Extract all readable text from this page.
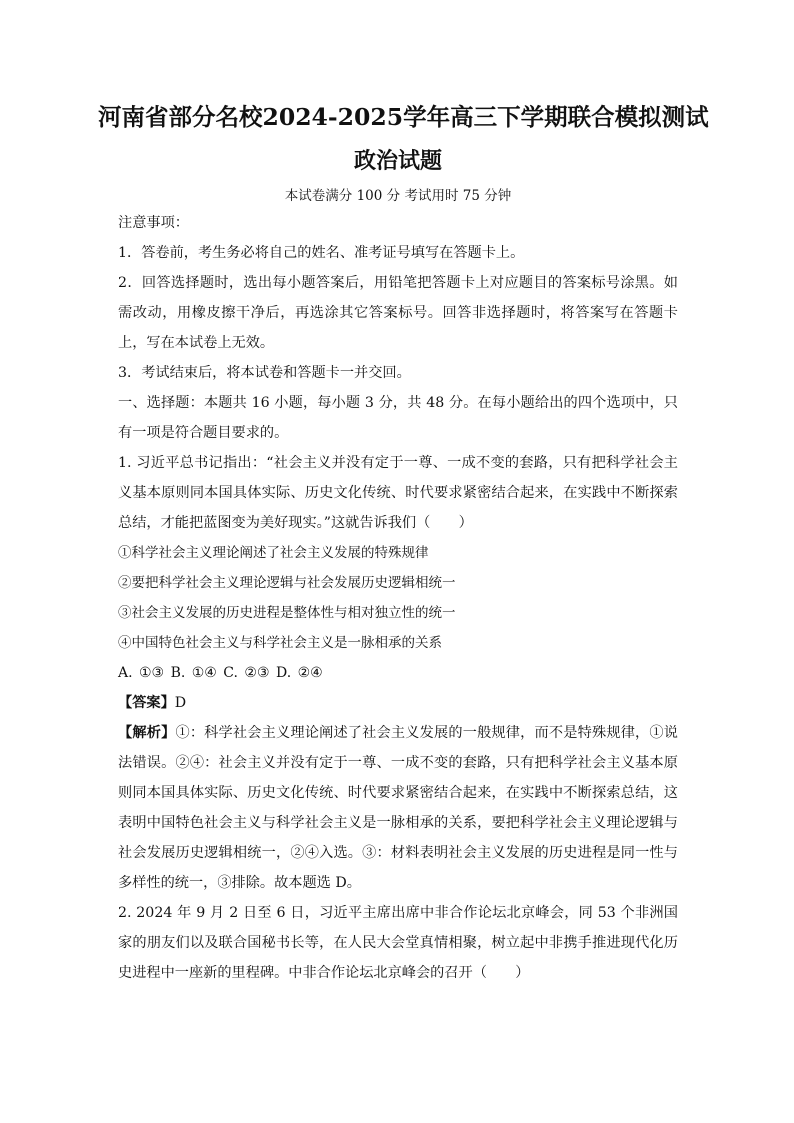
河南省部分名校2024-2025学年高三下学期联合模拟测试
政治试题
本试卷满分 100 分 考试用时 75 分钟

注意事项：

1．答卷前，考生务必将自己的姓名、准考证号填写在答题卡上。

2．回答选择题时，选出每小题答案后，用铅笔把答题卡上对应题目的答案标号涂黑。如需改动，用橡皮擦干净后，再选涂其它答案标号。回答非选择题时，将答案写在答题卡上，写在本试卷上无效。

3．考试结束后，将本试卷和答题卡一并交回。

一、选择题：本题共 16 小题，每小题 3 分，共 48 分。在每小题给出的四个选项中，只有一项是符合题目要求的。

1. 习近平总书记指出：“社会主义并没有定于一尊、一成不变的套路，只有把科学社会主义基本原则同本国具体实际、历史文化传统、时代要求紧密结合起来，在实践中不断探索总结，才能把蓝图变为美好现实。”这就告诉我们（　　）

①科学社会主义理论阐述了社会主义发展的特殊规律

②要把科学社会主义理论逻辑与社会发展历史逻辑相统一

③社会主义发展的历史进程是整体性与相对独立性的统一

④中国特色社会主义与科学社会主义是一脉相承的关系

A. ①③ B. ①④ C. ②③ D. ②④

【答案】D

【解析】①：科学社会主义理论阐述了社会主义发展的一般规律，而不是特殊规律，①说法错误。②④：社会主义并没有定于一尊、一成不变的套路，只有把科学社会主义基本原则同本国具体实际、历史文化传统、时代要求紧密结合起来，在实践中不断探索总结，这表明中国特色社会主义与科学社会主义是一脉相承的关系，要把科学社会主义理论逻辑与社会发展历史逻辑相统一，②④入选。③：材料表明社会主义发展的历史进程是同一性与多样性的统一，③排除。故本题选 D。

2. 2024 年 9 月 2 日至 6 日，习近平主席出席中非合作论坛北京峰会，同 53 个非洲国家的朋友们以及联合国秘书长等，在人民大会堂真情相聚，树立起中非携手推进现代化历史进程中一座新的里程碑。中非合作论坛北京峰会的召开（　　）
